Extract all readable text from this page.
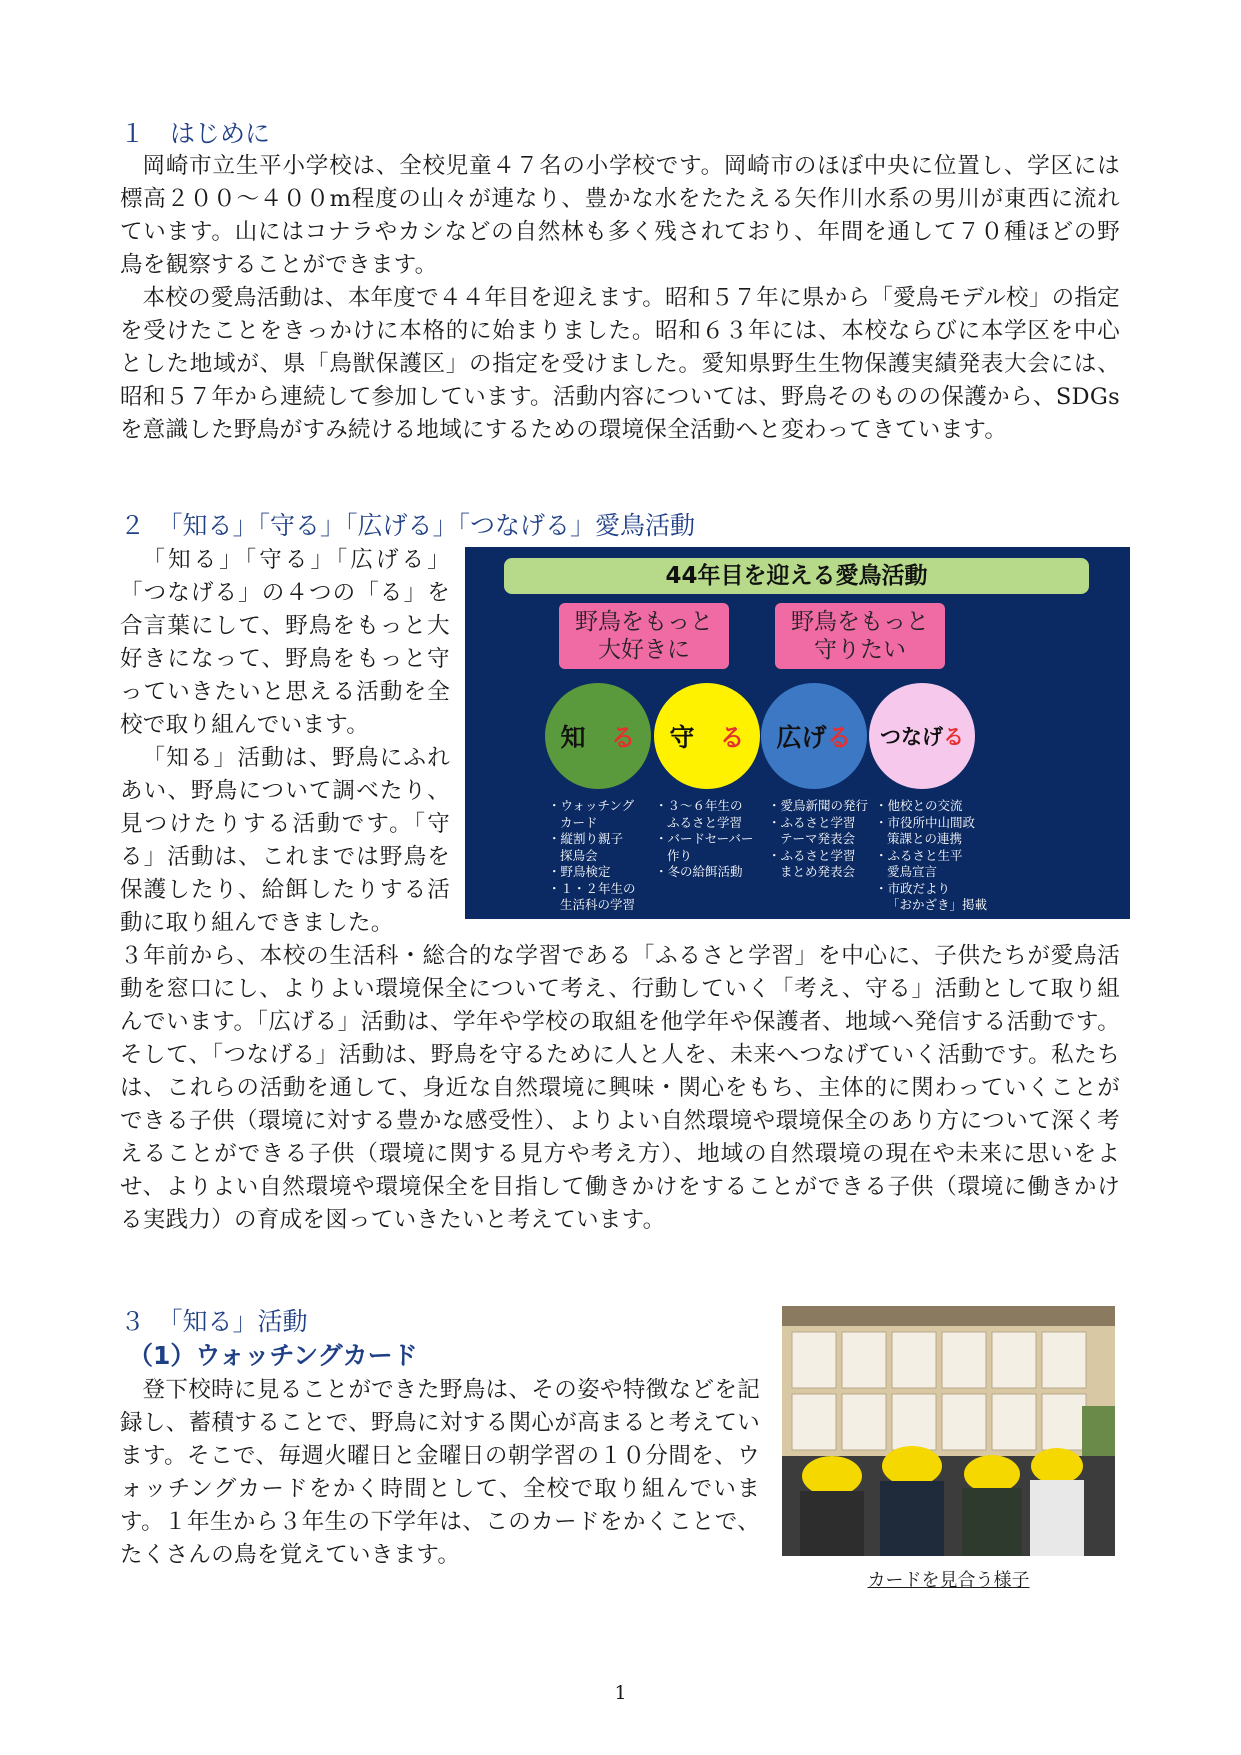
１　はじめに

岡崎市立生平小学校は、全校児童４７名の小学校です。岡崎市のほぼ中央に位置し、学区には標高２００～４００m程度の山々が連なり、豊かな水をたたえる矢作川水系の男川が東西に流れています。山にはコナラやカシなどの自然林も多く残されており、年間を通して７０種ほどの野鳥を観察することができます。

本校の愛鳥活動は、本年度で４４年目を迎えます。昭和５７年に県から「愛鳥モデル校」の指定を受けたことをきっかけに本格的に始まりました。昭和６３年には、本校ならびに本学区を中心とした地域が、県「鳥獣保護区」の指定を受けました。愛知県野生生物保護実績発表大会には、昭和５７年から連続して参加しています。活動内容については、野鳥そのものの保護から、SDGsを意識した野鳥がすみ続ける地域にするための環境保全活動へと変わってきています。

２　「知る」「守る」「広げる」「つなげる」愛鳥活動

「知る」「守る」「広げる」「つなげる」の４つの「る」を合言葉にして、野鳥をもっと大好きになって、野鳥をもっと守っていきたいと思える活動を全校で取り組んでいます。

「知る」活動は、野鳥にふれあい、野鳥について調べたり、見つけたりする活動です。「守る」活動は、これまでは野鳥を保護したり、給餌したりする活動に取り組んできました。

44年目を迎える愛鳥活動
野鳥をもっと
大好きに
野鳥をもっと
守りたい
知　 る 守　 る 広げ る つなげ る
・ ウォッチング
カード
・ 縦割り親子
探鳥会
・ 野鳥検定
・ １・２年生の
生活科の学習
・ ３～６年生の
ふるさと学習
・ バードセーバー
作り
・ 冬の給餌活動
・ 愛鳥新聞の発行
・ ふるさと学習
テーマ発表会
・ ふるさと学習
まとめ発表会
・ 他校との交流
・ 市役所中山間政
策課との連携
・ ふるさと生平
愛鳥宣言
・ 市政だより
「おかざき」掲載

３年前から、本校の生活科・総合的な学習である「ふるさと学習」を中心に、子供たちが愛鳥活動を窓口にし、よりよい環境保全について考え、行動していく「考え、守る」活動として取り組んでいます。「広げる」活動は、学年や学校の取組を他学年や保護者、地域へ発信する活動です。そして、「つなげる」活動は、野鳥を守るために人と人を、未来へつなげていく活動です。私たちは、これらの活動を通して、身近な自然環境に興味・関心をもち、主体的に関わっていくことができる子供（環境に対する豊かな感受性）、よりよい自然環境や環境保全のあり方について深く考えることができる子供（環境に関する見方や考え方）、地域の自然環境の現在や未来に思いをよせ、よりよい自然環境や環境保全を目指して働きかけをすることができる子供（環境に働きかける実践力）の育成を図っていきたいと考えています。

３　「知る」活動
（1）ウォッチングカード

登下校時に見ることができた野鳥は、その姿や特徴などを記録し、蓄積することで、野鳥に対する関心が高まると考えています。そこで、毎週火曜日と金曜日の朝学習の１０分間を、ウォッチングカードをかく時間として、全校で取り組んでいます。１年生から３年生の下学年は、このカードをかくことで、たくさんの鳥を覚えていきます。

カードを見合う様子
1
